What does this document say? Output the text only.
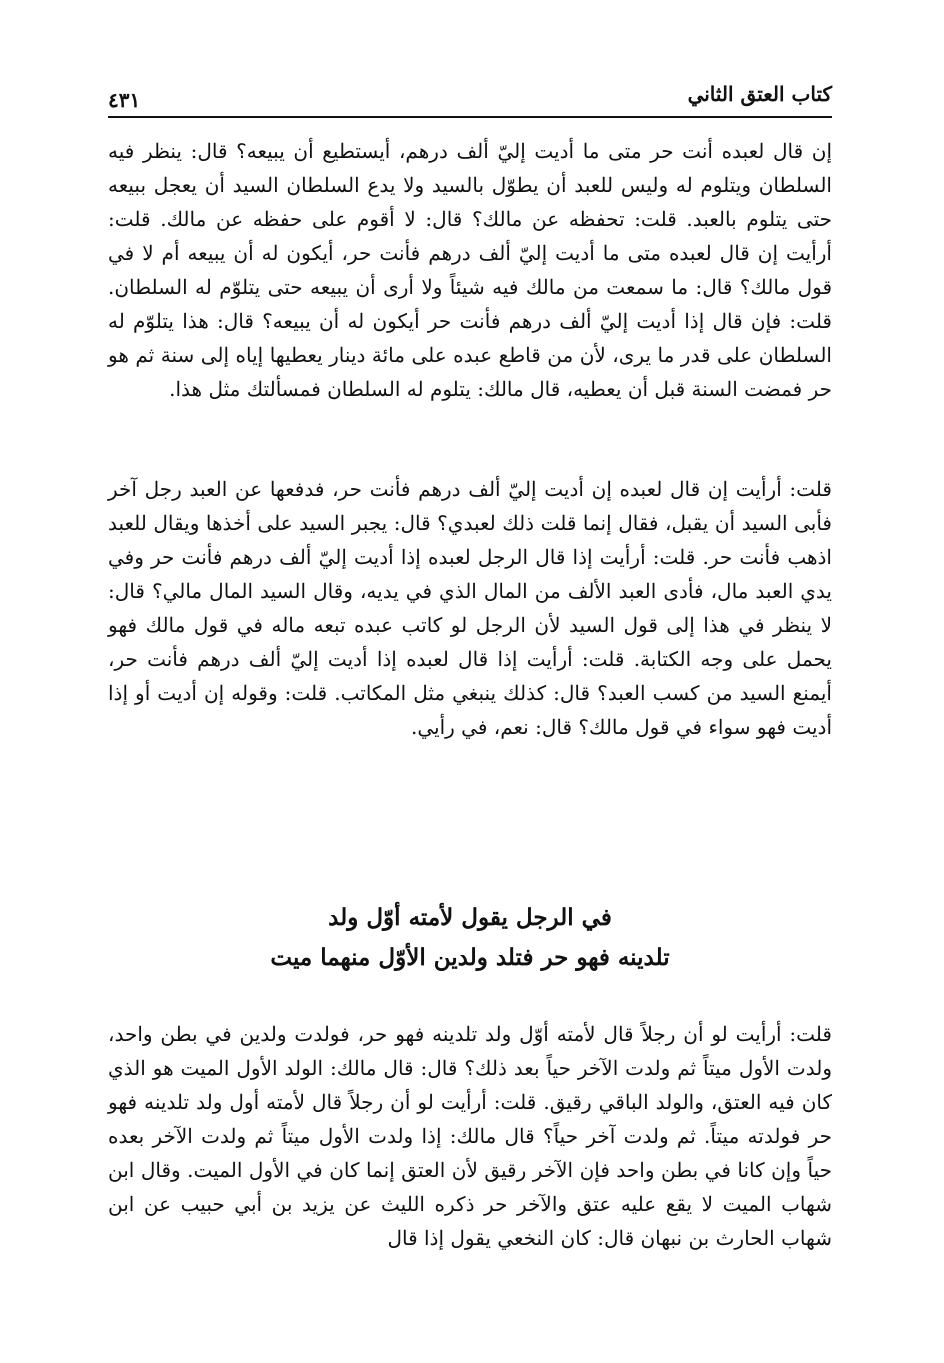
كتاب العتق الثاني
٤٣١

إن قال لعبده أنت حر متى ما أديت إليّ ألف درهم، أيستطيع أن يبيعه؟ قال: ينظر فيه السلطان ويتلوم له وليس للعبد أن يطوّل بالسيد ولا يدع السلطان السيد أن يعجل ببيعه حتى يتلوم بالعبد. قلت: تحفظه عن مالك؟ قال: لا أقوم على حفظه عن مالك. قلت: أرأيت إن قال لعبده متى ما أديت إليّ ألف درهم فأنت حر، أيكون له أن يبيعه أم لا في قول مالك؟ قال: ما سمعت من مالك فيه شيئاً ولا أرى أن يبيعه حتى يتلوّم له السلطان. قلت: فإن قال إذا أديت إليّ ألف درهم فأنت حر أيكون له أن يبيعه؟ قال: هذا يتلوّم له السلطان على قدر ما يرى، لأن من قاطع عبده على مائة دينار يعطيها إياه إلى سنة ثم هو حر فمضت السنة قبل أن يعطيه، قال مالك: يتلوم له السلطان فمسألتك مثل هذا.

قلت: أرأيت إن قال لعبده إن أديت إليّ ألف درهم فأنت حر، فدفعها عن العبد رجل آخر فأبى السيد أن يقبل، فقال إنما قلت ذلك لعبدي؟ قال: يجبر السيد على أخذها ويقال للعبد اذهب فأنت حر. قلت: أرأيت إذا قال الرجل لعبده إذا أديت إليّ ألف درهم فأنت حر وفي يدي العبد مال، فأدى العبد الألف من المال الذي في يديه، وقال السيد المال مالي؟ قال: لا ينظر في هذا إلى قول السيد لأن الرجل لو كاتب عبده تبعه ماله في قول مالك فهو يحمل على وجه الكتابة. قلت: أرأيت إذا قال لعبده إذا أديت إليّ ألف درهم فأنت حر، أيمنع السيد من كسب العبد؟ قال: كذلك ينبغي مثل المكاتب. قلت: وقوله إن أديت أو إذا أديت فهو سواء في قول مالك؟ قال: نعم، في رأيي.

في الرجل يقول لأمته أوّل ولد
تلدينه فهو حر فتلد ولدين الأوّل منهما ميت

قلت: أرأيت لو أن رجلاً قال لأمته أوّل ولد تلدينه فهو حر، فولدت ولدين في بطن واحد، ولدت الأول ميتاً ثم ولدت الآخر حياً بعد ذلك؟ قال: قال مالك: الولد الأول الميت هو الذي كان فيه العتق، والولد الباقي رقيق. قلت: أرأيت لو أن رجلاً قال لأمته أول ولد تلدينه فهو حر فولدته ميتاً. ثم ولدت آخر حياً؟ قال مالك: إذا ولدت الأول ميتاً ثم ولدت الآخر بعده حياً وإن كانا في بطن واحد فإن الآخر رقيق لأن العتق إنما كان في الأول الميت. وقال ابن شهاب الميت لا يقع عليه عتق والآخر حر ذكره الليث عن يزيد بن أبي حبيب عن ابن شهاب الحارث بن نبهان قال: كان النخعي يقول إذا قال
